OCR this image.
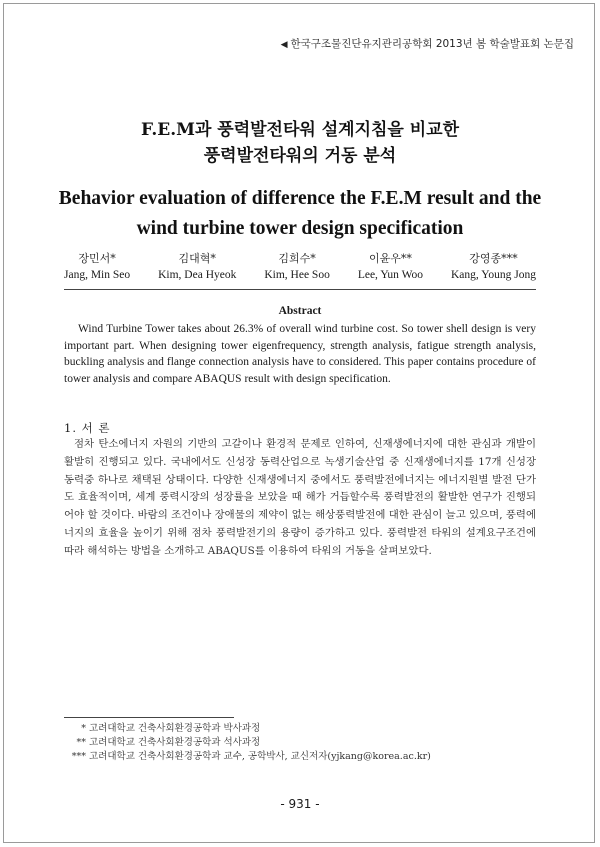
◀ 한국구조물진단유지관리공학회 2013년 봄 학술발표회 논문집
F.E.M과 풍력발전타워 설계지침을 비교한
풍력발전타워의 거동 분석
Behavior evaluation of difference the F.E.M result and the
wind turbine tower design specification
장민서*
Jang, Min Seo
김대혁*
Kim, Dea Hyeok
김희수*
Kim, Hee Soo
이윤우**
Lee, Yun Woo
강영종***
Kang, Young Jong
Abstract
Wind Turbine Tower takes about 26.3% of overall wind turbine cost. So tower shell design is very important part. When designing tower eigenfrequency, strength analysis, fatigue strength analysis, buckling analysis and flange connection analysis have to considered. This paper contains procedure of tower analysis and compare ABAQUS result with design specification.
1. 서 론
점차 탄소에너지 자원의 기반의 고갈이나 환경적 문제로 인하여, 신재생에너지에 대한 관심과 개발이 활발히 진행되고 있다. 국내에서도 신성장 동력산업으로 녹생기술산업 중 신재생에너지를 17개 신성장 동력중 하나로 채택된 상태이다. 다양한 신재생에너지 중에서도 풍력발전에너지는 에너지원별 발전 단가도 효율적이며, 세계 풍력시장의 성장률을 보았을 때 해가 거듭할수록 풍력발전의 활발한 연구가 진행되어야 할 것이다. 바람의 조건이나 장애물의 제약이 없는 해상풍력발전에 대한 관심이 늘고 있으며, 풍력에너지의 효율을 높이기 위해 점차 풍력발전기의 용량이 증가하고 있다. 풍력발전 타워의 설계요구조건에 따라 해석하는 방법을 소개하고 ABAQUS를 이용하여 타워의 거동을 살펴보았다.
* 고려대학교 건축사회환경공학과 박사과정
** 고려대학교 건축사회환경공학과 석사과정
*** 고려대학교 건축사회환경공학과 교수, 공학박사, 교신저자(yjkang@korea.ac.kr)
- 931 -
